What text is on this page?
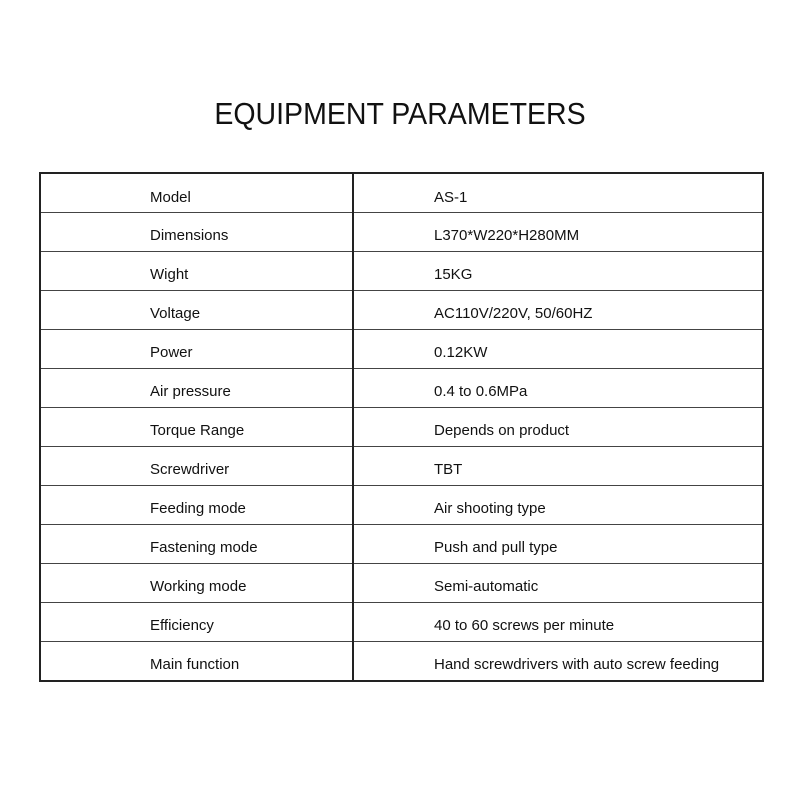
EQUIPMENT PARAMETERS
Model	AS-1
Dimensions	L370*W220*H280MM
Wight	15KG
Voltage	AC110V/220V, 50/60HZ
Power	0.12KW
Air pressure	0.4 to 0.6MPa
Torque Range	Depends on product
Screwdriver	TBT
Feeding mode	Air shooting type
Fastening mode	Push and pull type
Working mode	Semi-automatic
Efficiency	40 to 60 screws per minute
Main function	Hand screwdrivers with auto screw feeding
